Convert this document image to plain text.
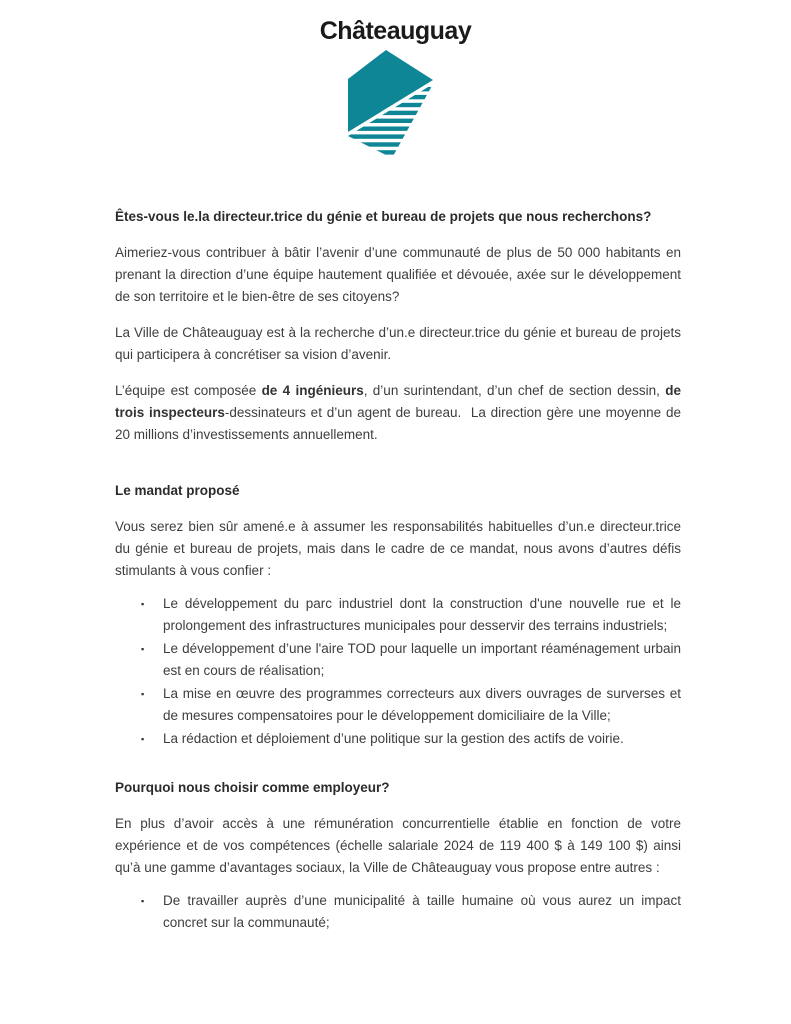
Châteauguay
Êtes-vous le.la directeur.trice du génie et bureau de projets que nous recherchons?

Aimeriez-vous contribuer à bâtir l’avenir d’une communauté de plus de 50 000 habitants en prenant la direction d’une équipe hautement qualifiée et dévouée, axée sur le développement de son territoire et le bien-être de ses citoyens?

La Ville de Châteauguay est à la recherche d’un.e directeur.trice du génie et bureau de projets qui participera à concrétiser sa vision d’avenir.

L’équipe est composée de 4 ingénieurs, d’un surintendant, d’un chef de section dessin, de trois inspecteurs-dessinateurs et d’un agent de bureau.  La direction gère une moyenne de 20 millions d’investissements annuellement.

Le mandat proposé

Vous serez bien sûr amené.e à assumer les responsabilités habituelles d’un.e directeur.trice du génie et bureau de projets, mais dans le cadre de ce mandat, nous avons d’autres défis stimulants à vous confier :

▪	Le développement du parc industriel dont la construction d'une nouvelle rue et le prolongement des infrastructures municipales pour desservir des terrains industriels;
▪	Le développement d’une l'aire TOD pour laquelle un important réaménagement urbain est en cours de réalisation;
▪	La mise en œuvre des programmes correcteurs aux divers ouvrages de surverses et de mesures compensatoires pour le développement domiciliaire de la Ville;
▪	La rédaction et déploiement d’une politique sur la gestion des actifs de voirie.
Pourquoi nous choisir comme employeur?

En plus d’avoir accès à une rémunération concurrentielle établie en fonction de votre expérience et de vos compétences (échelle salariale 2024 de 119 400 $ à 149 100 $) ainsi qu’à une gamme d’avantages sociaux, la Ville de Châteauguay vous propose entre autres :

▪	De travailler auprès d’une municipalité à taille humaine où vous aurez un impact concret sur la communauté;
